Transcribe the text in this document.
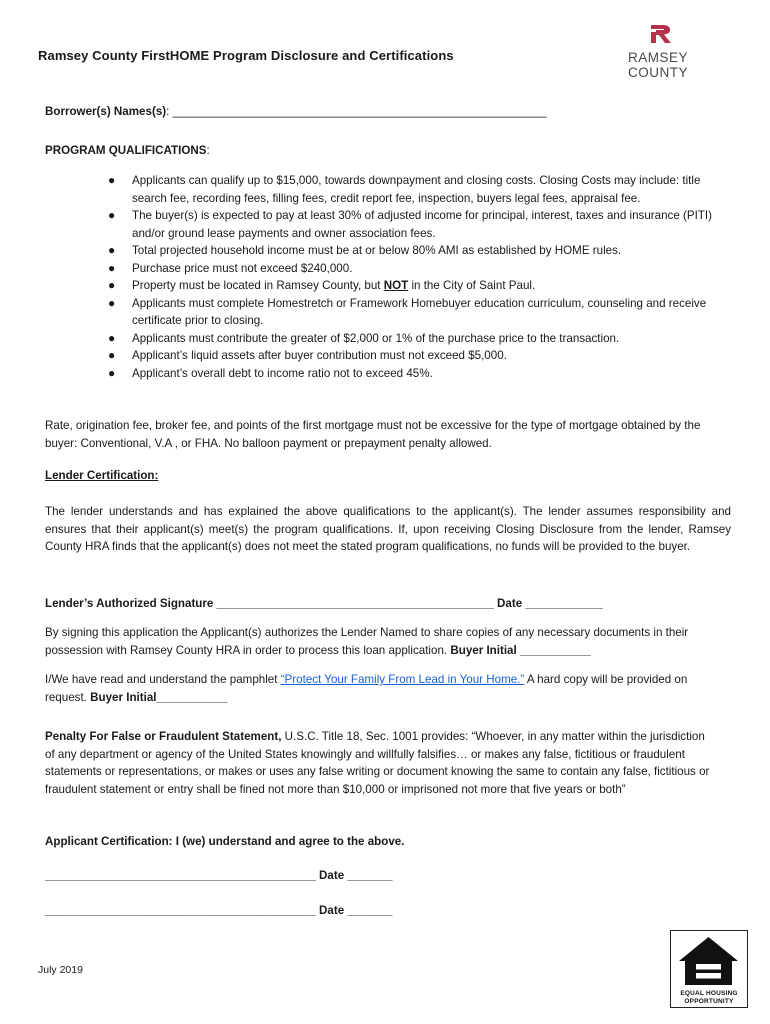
Ramsey County FirstHOME Program Disclosure and Certifications	RAMSEY
COUNTY
Borrower(s) Names(s): __________________________________________________________
PROGRAM QUALIFICATIONS:
● Applicants can qualify up to $15,000, towards downpayment and closing costs. Closing Costs may include: title search fee, recording fees, filling fees, credit report fee, inspection, buyers legal fees, appraisal fee.
● The buyer(s) is expected to pay at least 30% of adjusted income for principal, interest, taxes and insurance (PITI) and/or ground lease payments and owner association fees.
● Total projected household income must be at or below 80% AMI as established by HOME rules.
● Purchase price must not exceed $240,000.
● Property must be located in Ramsey County, but NOT in the City of Saint Paul.
● Applicants must complete Homestretch or Framework Homebuyer education curriculum, counseling and receive certificate prior to closing.
● Applicants must contribute the greater of $2,000 or 1% of the purchase price to the transaction.
● Applicant’s liquid assets after buyer contribution must not exceed $5,000.
● Applicant’s overall debt to income ratio not to exceed 45%.
Rate, origination fee, broker fee, and points of the first mortgage must not be excessive for the type of mortgage obtained by the buyer: Conventional, V.A , or FHA. No balloon payment or prepayment penalty allowed.
Lender Certification:
The lender understands and has explained the above qualifications to the applicant(s). The lender assumes responsibility and ensures that their applicant(s) meet(s) the program qualifications. If, upon receiving Closing Disclosure from the lender, Ramsey County HRA finds that the applicant(s) does not meet the stated program qualifications, no funds will be provided to the buyer.
Lender’s Authorized Signature ___________________________________________ Date ____________
By signing this application the Applicant(s) authorizes the Lender Named to share copies of any necessary documents in their possession with Ramsey County HRA in order to process this loan application. Buyer Initial ___________
I/We have read and understand the pamphlet “Protect Your Family From Lead in Your Home.” A hard copy will be provided on request. Buyer Initial___________
Penalty For False or Fraudulent Statement, U.S.C. Title 18, Sec. 1001 provides: “Whoever, in any matter within the jurisdiction of any department or agency of the United States knowingly and willfully falsifies… or makes any false, fictitious or fraudulent statements or representations, or makes or uses any false writing or document knowing the same to contain any false, fictitious or fraudulent statement or entry shall be fined not more than $10,000 or imprisoned not more that five years or both”
Applicant Certification: I (we) understand and agree to the above.
__________________________________________ Date _______
__________________________________________ Date _______
July 2019
EQUAL HOUSING
OPPORTUNITY
